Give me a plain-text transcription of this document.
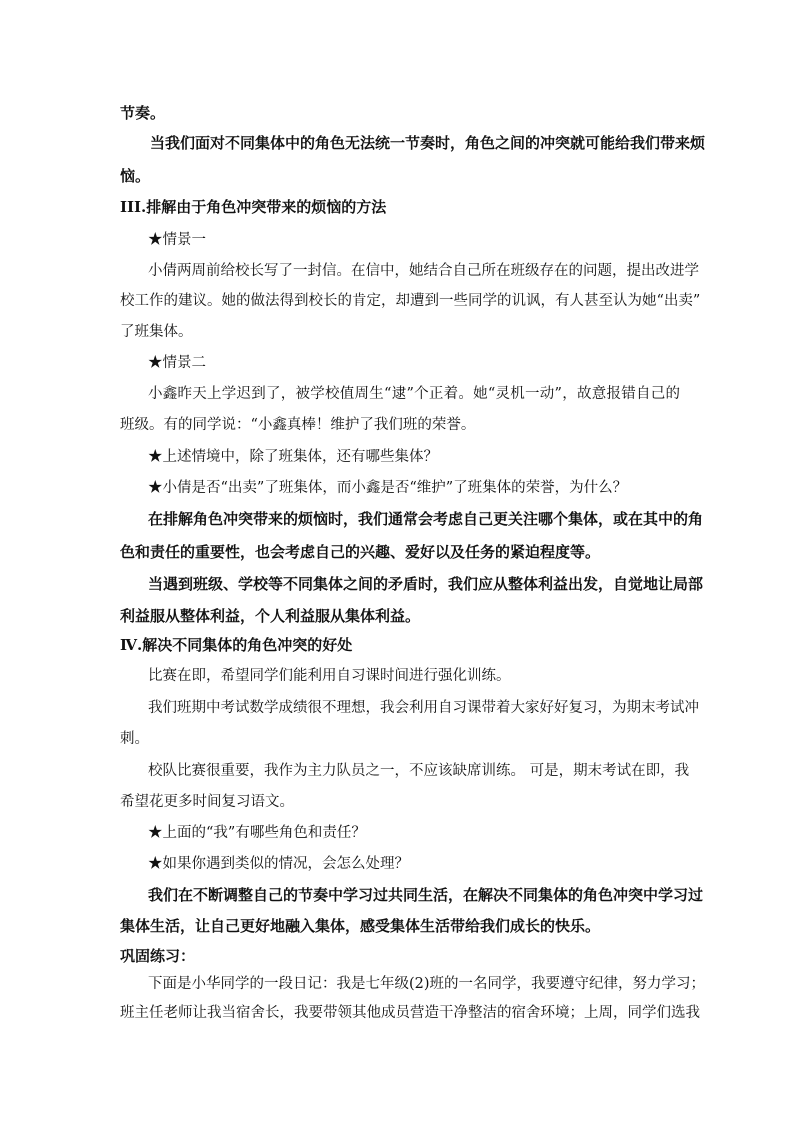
节奏。
当我们面对不同集体中的角色无法统一节奏时，角色之间的冲突就可能给我们带来烦
恼。
III.排解由于角色冲突带来的烦恼的方法
★情景一
小倩两周前给校长写了一封信。在信中，她结合自己所在班级存在的问题，提出改进学
校工作的建议。她的做法得到校长的肯定，却遭到一些同学的讥讽，有人甚至认为她“出卖”
了班集体。
★情景二
小鑫昨天上学迟到了，被学校值周生“逮”个正着。她“灵机一动”，故意报错自己的
班级。有的同学说：“小鑫真棒！维护了我们班的荣誉。
★上述情境中，除了班集体，还有哪些集体？
★小倩是否“出卖”了班集体，而小鑫是否“维护”了班集体的荣誉，为什么？
在排解角色冲突带来的烦恼时，我们通常会考虑自己更关注哪个集体，或在其中的角
色和责任的重要性，也会考虑自己的兴趣、爱好以及任务的紧迫程度等。
当遇到班级、学校等不同集体之间的矛盾时，我们应从整体利益出发，自觉地让局部
利益服从整体利益，个人利益服从集体利益。
Ⅳ.解决不同集体的角色冲突的好处
比赛在即，希望同学们能利用自习课时间进行强化训练。
我们班期中考试数学成绩很不理想，我会利用自习课带着大家好好复习，为期末考试冲
刺。
校队比赛很重要，我作为主力队员之一，不应该缺席训练。 可是，期末考试在即，我
希望花更多时间复习语文。
★上面的“我”有哪些角色和责任？
★如果你遇到类似的情况，会怎么处理？
我们在不断调整自己的节奏中学习过共同生活，在解决不同集体的角色冲突中学习过
集体生活，让自己更好地融入集体，感受集体生活带给我们成长的快乐。
巩固练习：
下面是小华同学的一段日记：我是七年级(2)班的一名同学，我要遵守纪律，努力学习；
班主任老师让我当宿舍长，我要带领其他成员营造干净整洁的宿舍环境；上周，同学们选我
